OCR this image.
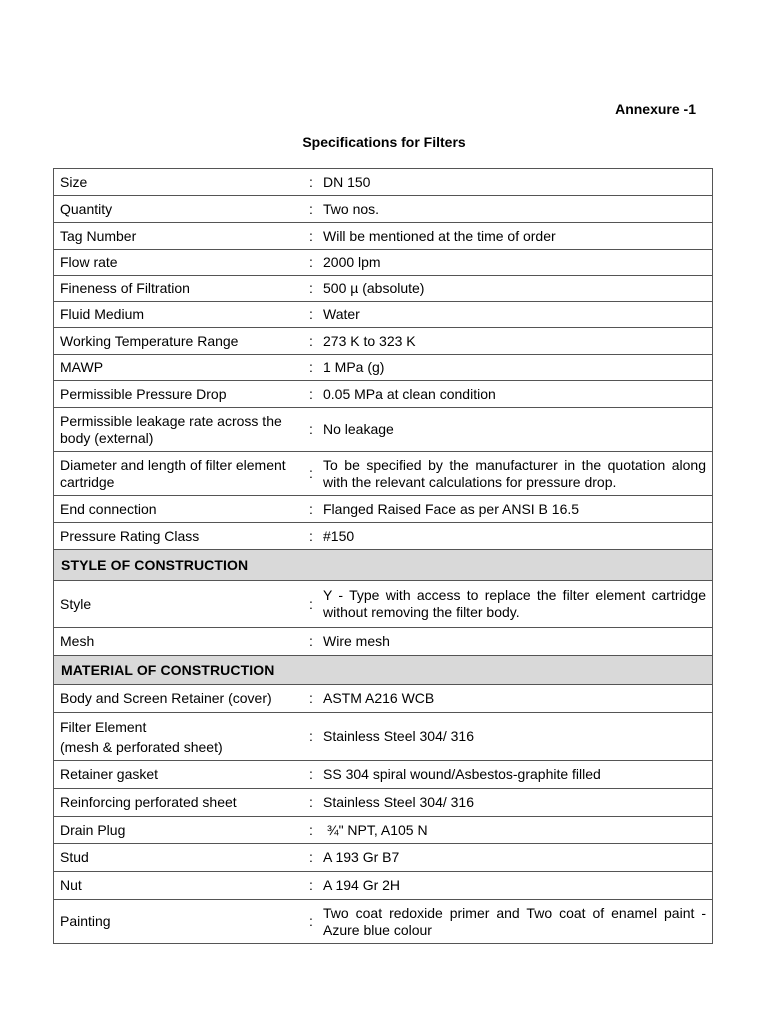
Annexure -1
Specifications for Filters
Size	:	DN 150
Quantity	:	Two nos.
Tag Number	:	Will be mentioned at the time of order
Flow rate	:	2000 lpm
Fineness of Filtration	:	500 µ (absolute)
Fluid Medium	:	Water
Working Temperature Range	:	273 K to 323 K
MAWP	:	1 MPa (g)
Permissible Pressure Drop	:	0.05 MPa at clean condition
Permissible leakage rate across the body (external)	:	No leakage
Diameter and length of filter element cartridge	:	To be specified by the manufacturer in the quotation along with the relevant calculations for pressure drop.
End connection	:	Flanged Raised Face as per ANSI B 16.5
Pressure Rating Class	:	#150
STYLE OF CONSTRUCTION		
Style	:	Y - Type with access to replace the filter element cartridge without removing the filter body.
Mesh	:	Wire mesh
MATERIAL OF CONSTRUCTION		
Body and Screen Retainer (cover)	:	ASTM A216 WCB

Filter Element
(mesh & perforated sheet)	:	Stainless Steel 304/ 316
Retainer gasket	:	SS 304 spiral wound/Asbestos-graphite filled
Reinforcing perforated sheet	:	Stainless Steel 304/ 316
Drain Plug	:	¾" NPT, A105 N
Stud	:	A 193 Gr B7
Nut	:	A 194 Gr 2H
Painting	:	Two coat redoxide primer and Two coat of enamel paint - Azure blue colour
